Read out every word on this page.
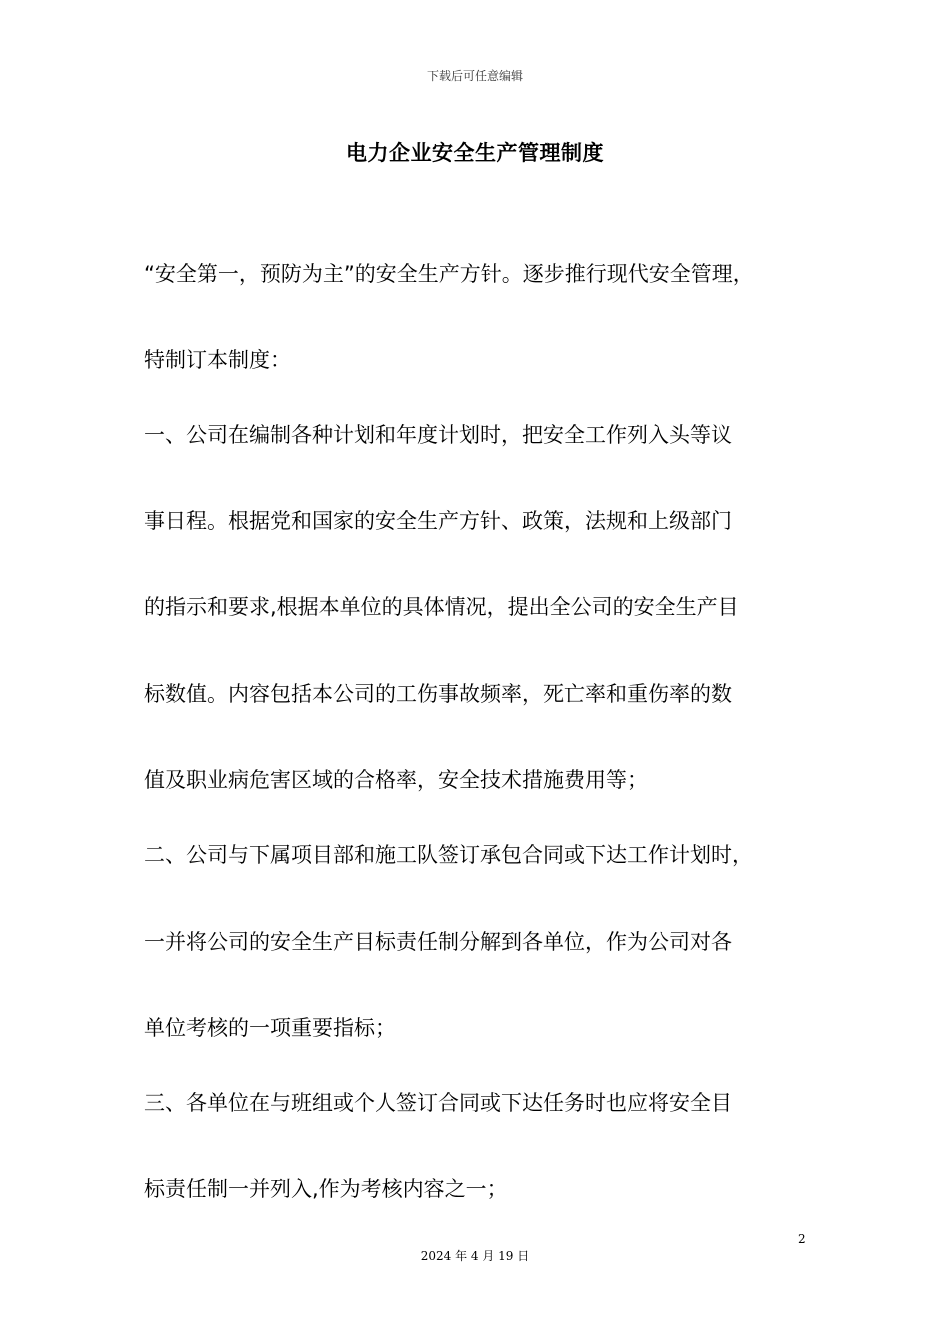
下载后可任意编辑
电力企业安全生产管理制度
“安全第一，预防为主”的安全生产方针。逐步推行现代安全管理，
特制订本制度：
一、公司在编制各种计划和年度计划时，把安全工作列入头等议
事日程。根据党和国家的安全生产方针、政策，法规和上级部门
的指示和要求,根据本单位的具体情况，提出全公司的安全生产目
标数值。内容包括本公司的工伤事故频率，死亡率和重伤率的数
值及职业病危害区域的合格率，安全技术措施费用等；
二、公司与下属项目部和施工队签订承包合同或下达工作计划时，
一并将公司的安全生产目标责任制分解到各单位，作为公司对各
单位考核的一项重要指标；
三、各单位在与班组或个人签订合同或下达任务时也应将安全目
标责任制一并列入,作为考核内容之一；
2
2024 年 4 月 19 日
